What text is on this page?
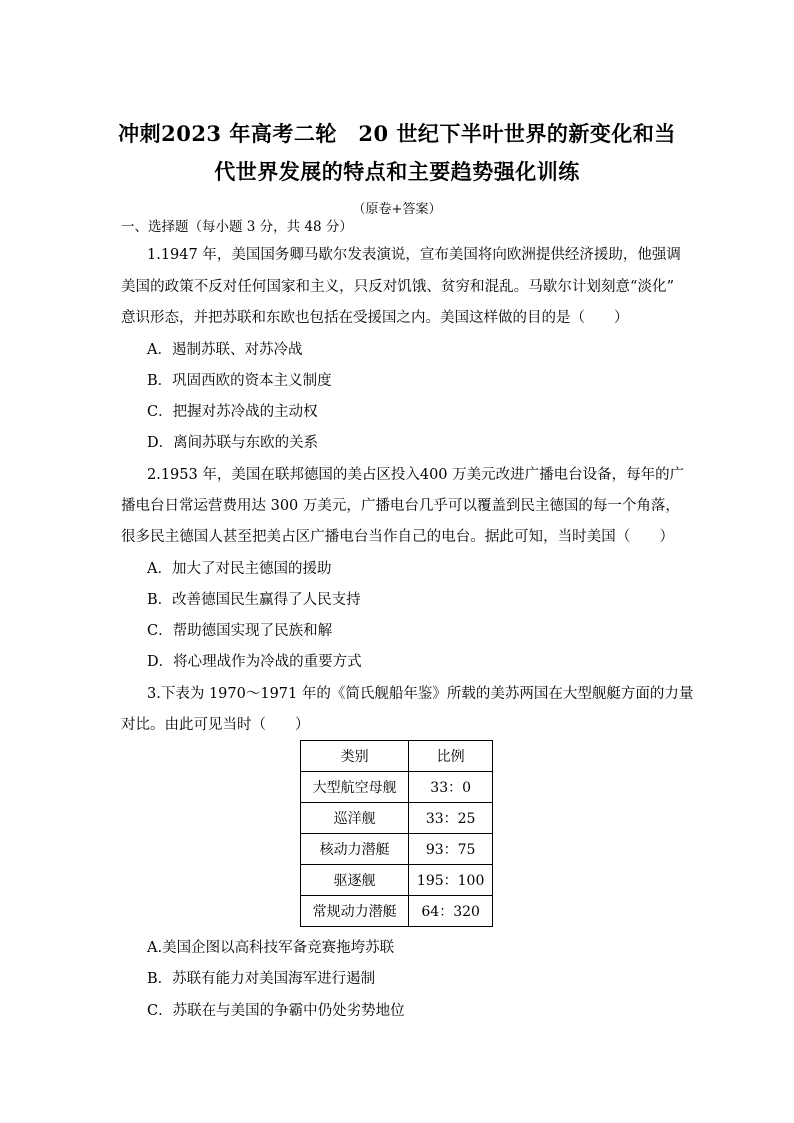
冲刺2023 年高考二轮　20 世纪下半叶世界的新变化和当
代世界发展的特点和主要趋势强化训练
（原卷+答案）
一、选择题（每小题 3 分，共 48 分）
1.1947 年，美国国务卿马歇尔发表演说，宣布美国将向欧洲提供经济援助，他强调
美国的政策不反对任何国家和主义，只反对饥饿、贫穷和混乱。马歇尔计划刻意“淡化”
意识形态，并把苏联和东欧也包括在受援国之内。美国这样做的目的是（　　）
A．遏制苏联、对苏冷战
B．巩固西欧的资本主义制度
C．把握对苏冷战的主动权
D．离间苏联与东欧的关系
2.1953 年，美国在联邦德国的美占区投入400 万美元改进广播电台设备，每年的广
播电台日常运营费用达 300 万美元，广播电台几乎可以覆盖到民主德国的每一个角落，
很多民主德国人甚至把美占区广播电台当作自己的电台。据此可知，当时美国（　　）
A．加大了对民主德国的援助
B．改善德国民生赢得了人民支持
C．帮助德国实现了民族和解
D．将心理战作为冷战的重要方式
3.下表为 1970～1971 年的《简氏舰船年鉴》所载的美苏两国在大型舰艇方面的力量
对比。由此可见当时（　　）
类别	比例
大型航空母舰	33：0
巡洋舰	33：25
核动力潜艇	93：75
驱逐舰	195：100
常规动力潜艇	64：320
A.美国企图以高科技军备竞赛拖垮苏联
B．苏联有能力对美国海军进行遏制
C．苏联在与美国的争霸中仍处劣势地位
